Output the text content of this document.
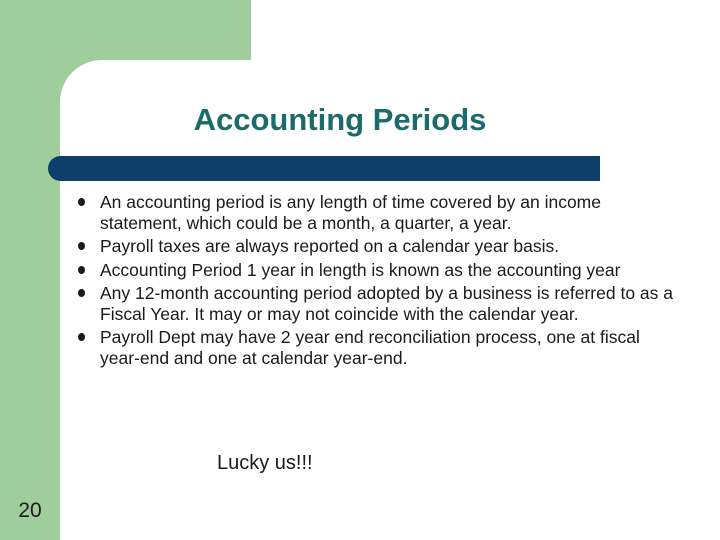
Accounting Periods
An accounting period is any length of time covered by an income statement, which could be a month, a quarter, a year.
Payroll taxes are always reported on a calendar year basis.
Accounting Period 1 year in length is known as the accounting year
Any 12-month accounting period adopted by a business is referred to as a Fiscal Year. It may or may not coincide with the calendar year.
Payroll Dept may have 2 year end reconciliation process, one at fiscal year-end and one at calendar year-end.
Lucky us!!!
20
